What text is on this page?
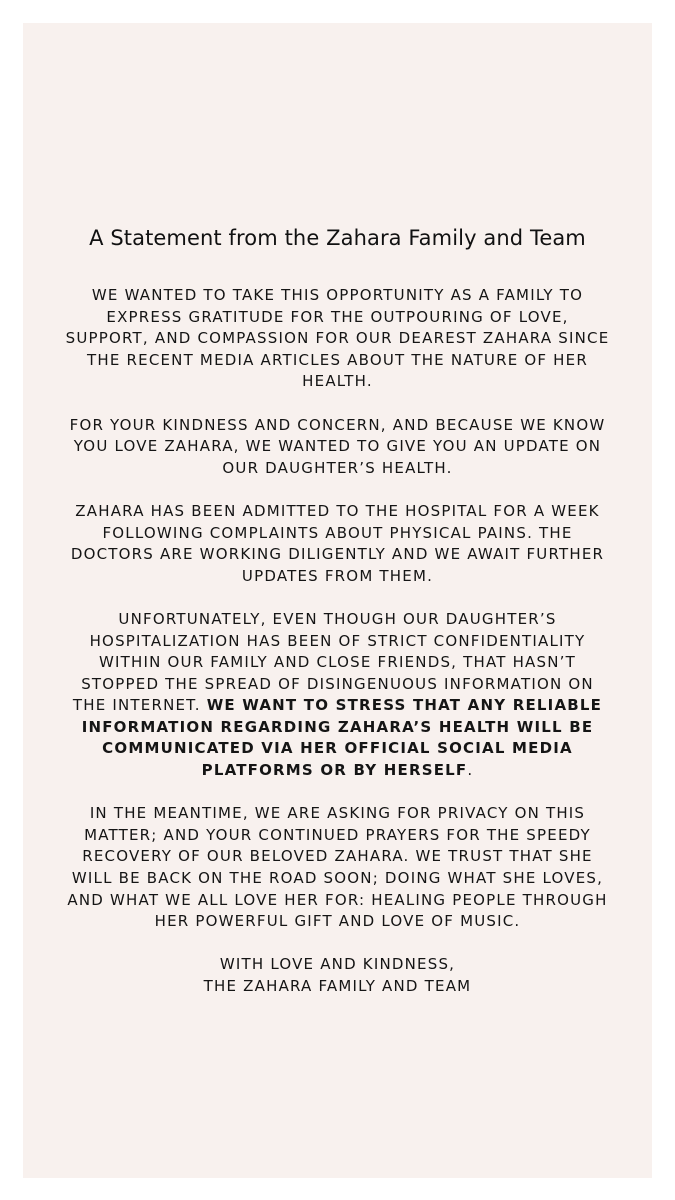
A Statement from the Zahara Family and Team

WE WANTED TO TAKE THIS OPPORTUNITY AS A FAMILY TO EXPRESS GRATITUDE FOR THE OUTPOURING OF LOVE, SUPPORT, AND COMPASSION FOR OUR DEAREST ZAHARA SINCE THE RECENT MEDIA ARTICLES ABOUT THE NATURE OF HER HEALTH.

FOR YOUR KINDNESS AND CONCERN, AND BECAUSE WE KNOW YOU LOVE ZAHARA, WE WANTED TO GIVE YOU AN UPDATE ON OUR DAUGHTER’S HEALTH.

ZAHARA HAS BEEN ADMITTED TO THE HOSPITAL FOR A WEEK FOLLOWING COMPLAINTS ABOUT PHYSICAL PAINS. THE DOCTORS ARE WORKING DILIGENTLY AND WE AWAIT FURTHER UPDATES FROM THEM.

UNFORTUNATELY, EVEN THOUGH OUR DAUGHTER’S HOSPITALIZATION HAS BEEN OF STRICT CONFIDENTIALITY WITHIN OUR FAMILY AND CLOSE FRIENDS, THAT HASN’T STOPPED THE SPREAD OF DISINGENUOUS INFORMATION ON THE INTERNET. WE WANT TO STRESS THAT ANY RELIABLE INFORMATION REGARDING ZAHARA’S HEALTH WILL BE COMMUNICATED VIA HER OFFICIAL SOCIAL MEDIA PLATFORMS OR BY HERSELF.

IN THE MEANTIME, WE ARE ASKING FOR PRIVACY ON THIS MATTER; AND YOUR CONTINUED PRAYERS FOR THE SPEEDY RECOVERY OF OUR BELOVED ZAHARA. WE TRUST THAT SHE WILL BE BACK ON THE ROAD SOON; DOING WHAT SHE LOVES, AND WHAT WE ALL LOVE HER FOR: HEALING PEOPLE THROUGH HER POWERFUL GIFT AND LOVE OF MUSIC.

WITH LOVE AND KINDNESS,
THE ZAHARA FAMILY AND TEAM
